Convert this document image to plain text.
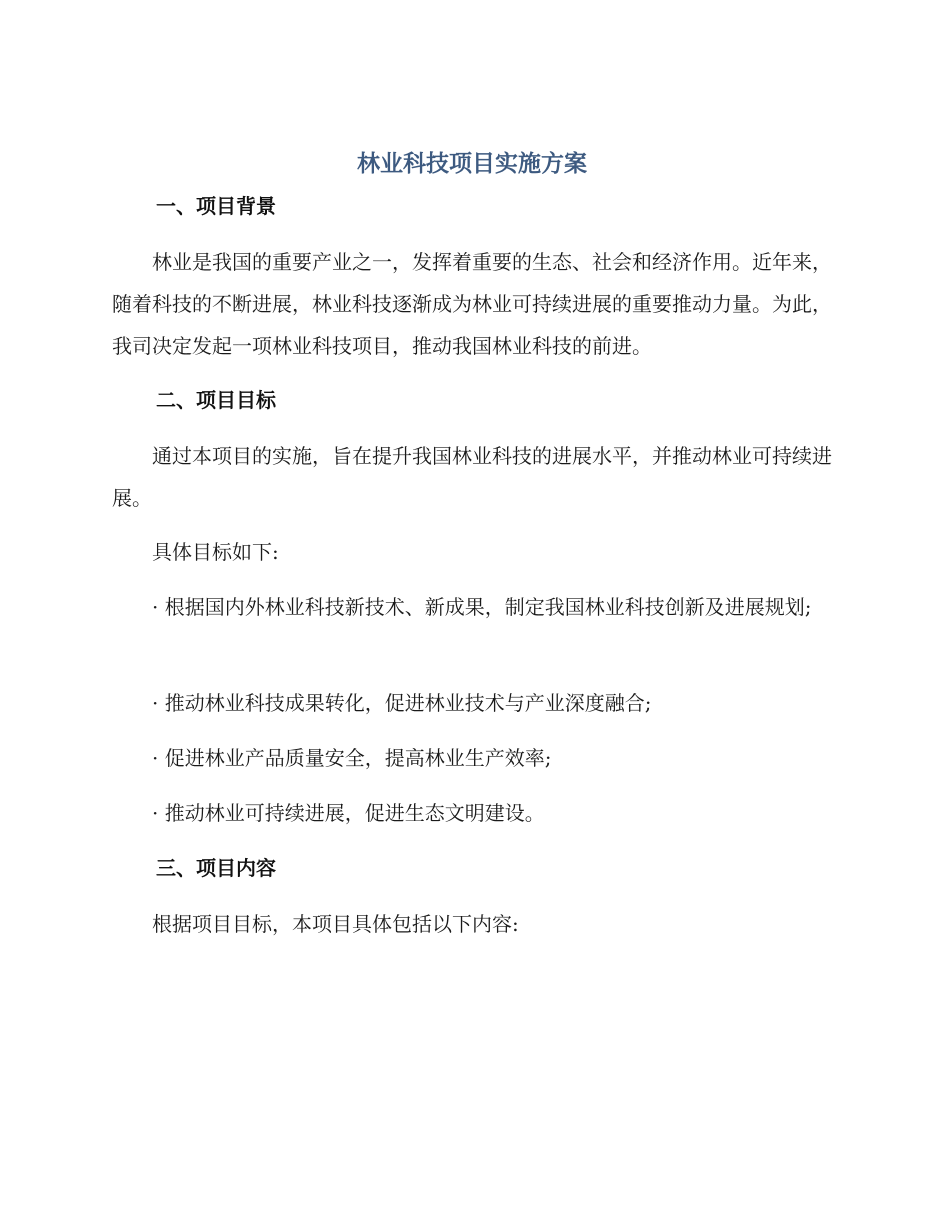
林业科技项目实施方案
一、项目背景

林业是我国的重要产业之一，发挥着重要的生态、社会和经济作用。近年来，随着科技的不断进展，林业科技逐渐成为林业可持续进展的重要推动力量。为此，我司决定发起一项林业科技项目，推动我国林业科技的前进。

二、项目目标

通过本项目的实施，旨在提升我国林业科技的进展水平，并推动林业可持续进展。

具体目标如下:

· 根据国内外林业科技新技术、新成果，制定我国林业科技创新及进展规划;

· 推动林业科技成果转化，促进林业技术与产业深度融合;

· 促进林业产品质量安全，提高林业生产效率;

· 推动林业可持续进展，促进生态文明建设。

三、项目内容

根据项目目标，本项目具体包括以下内容:
